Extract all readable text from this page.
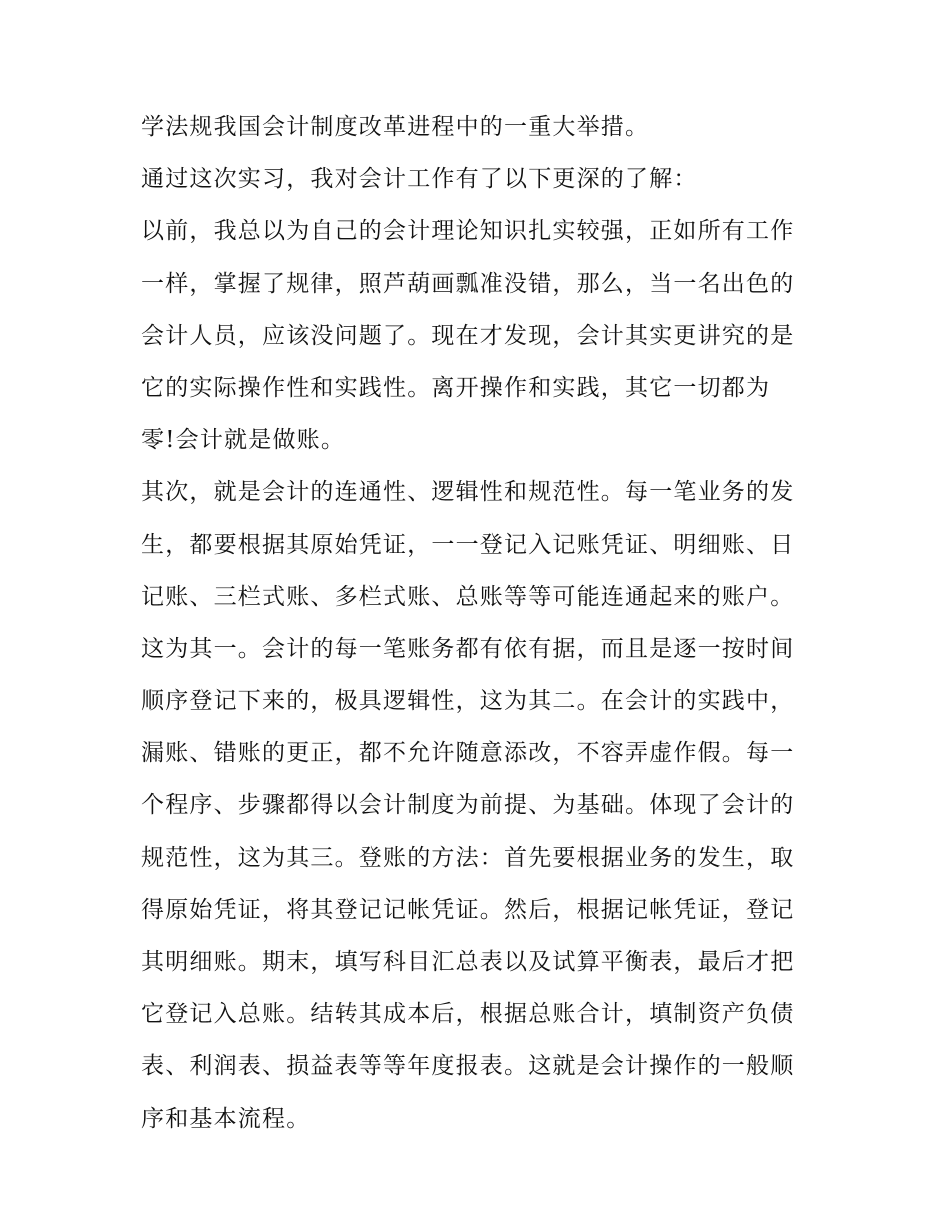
学法规我国会计制度改革进程中的一重大举措。
通过这次实习，我对会计工作有了以下更深的了解：
以前，我总以为自己的会计理论知识扎实较强，正如所有工作
一样，掌握了规律，照芦葫画瓢准没错，那么，当一名出色的
会计人员，应该没问题了。现在才发现，会计其实更讲究的是
它的实际操作性和实践性。离开操作和实践，其它一切都为
零!会计就是做账。
其次，就是会计的连通性、逻辑性和规范性。每一笔业务的发
生，都要根据其原始凭证，一一登记入记账凭证、明细账、日
记账、三栏式账、多栏式账、总账等等可能连通起来的账户。
这为其一。会计的每一笔账务都有依有据，而且是逐一按时间
顺序登记下来的，极具逻辑性，这为其二。在会计的实践中，
漏账、错账的更正，都不允许随意添改，不容弄虚作假。每一
个程序、步骤都得以会计制度为前提、为基础。体现了会计的
规范性，这为其三。登账的方法：首先要根据业务的发生，取
得原始凭证，将其登记记帐凭证。然后，根据记帐凭证，登记
其明细账。期末，填写科目汇总表以及试算平衡表，最后才把
它登记入总账。结转其成本后，根据总账合计，填制资产负债
表、利润表、损益表等等年度报表。这就是会计操作的一般顺
序和基本流程。
